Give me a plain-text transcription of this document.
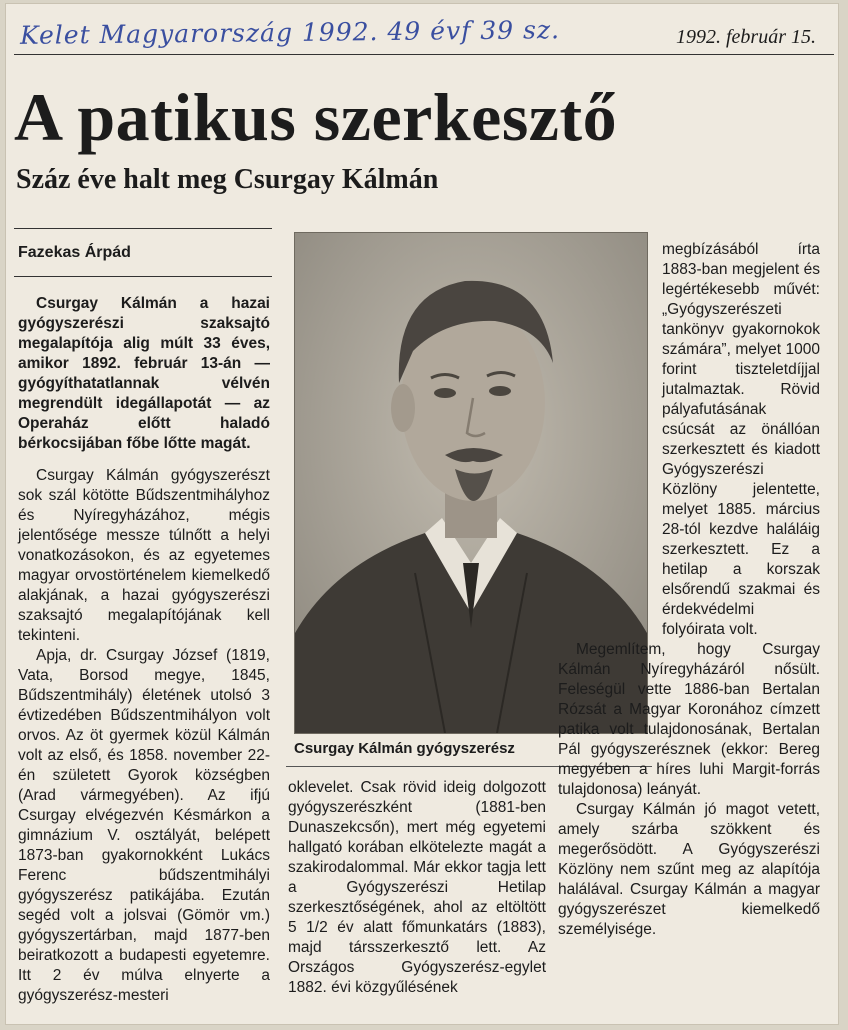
Kelet Magyarország 1992. 49 évf 39 sz.	1992. február 15.
A patikus szerkesztő
Száz éve halt meg Csurgay Kálmán
Fazekas Árpád

Csurgay Kálmán a hazai gyógyszerészi szaksajtó megalapítója alig múlt 33 éves, amikor 1892. február 13-án — gyógyíthatatlannak vélvén megrendült idegállapotát — az Operaház előtt haladó bérkocsijában főbe lőtte magát.

Csurgay Kálmán gyógyszerészt sok szál kötötte Bűdszentmihályhoz és Nyíregyházához, mégis jelentősége messze túlnőtt a helyi vonatkozásokon, és az egyetemes magyar orvostörténelem kiemelkedő alakjának, a hazai gyógyszerészi szaksajtó megalapítójának kell tekinteni.

Apja, dr. Csurgay József (1819, Vata, Borsod megye, 1845, Bűdszentmihály) életének utolsó 3 évtizedében Bűdszentmihályon volt orvos. Az öt gyermek közül Kálmán volt az első, és 1858. november 22-én született Gyorok községben (Arad vármegyében). Az ifjú Csurgay elvégezvén Késmárkon a gimnázium V. osztályát, belépett 1873-ban gyakornokként Lukács Ferenc bűdszentmihályi gyógyszerész patikájába. Ezután segéd volt a jolsvai (Gömör vm.) gyógyszertárban, majd 1877-ben beiratkozott a budapesti egyetemre. Itt 2 év múlva elnyerte a gyógyszerész-mesteri

Csurgay Kálmán gyógyszerész

oklevelet. Csak rövid ideig dolgozott gyógyszerészként (1881-ben Dunaszekcsőn), mert még egyetemi hallgató korában elkötelezte magát a szakirodalommal. Már ekkor tagja lett a Gyógyszerészi Hetilap szerkesztőségének, ahol az eltöltött 5 1/2 év alatt főmunkatárs (1883), majd társszerkesztő lett. Az Országos Gyógyszerész-egylet 1882. évi közgyűlésének

megbízásából írta 1883-ban megjelent és legértékesebb művét: „Gyógyszerészeti tankönyv gyakornokok számára”, melyet 1000 forint tiszteletdíjjal jutalmaztak. Rövid pályafutásának csúcsát az önállóan szerkesztett és kiadott Gyógyszerészi Közlöny jelentette, melyet 1885. március 28-tól kezdve haláláig szerkesztett. Ez a hetilap a korszak elsőrendű szakmai és érdekvédelmi folyóirata volt.

Megemlítem, hogy Csurgay Kálmán Nyíregyházáról nősült. Feleségül vette 1886-ban Bertalan Rózsát a Magyar Koronához címzett patika volt tulajdonosának, Bertalan Pál gyógyszerésznek (ekkor: Bereg megyében a híres luhi Margit-forrás tulajdonosa) leányát.

Csurgay Kálmán jó magot vetett, amely szárba szökkent és megerősödött. A Gyógyszerészi Közlöny nem szűnt meg az alapítója halálával. Csurgay Kálmán a magyar gyógyszerészet kiemelkedő személyisége.
